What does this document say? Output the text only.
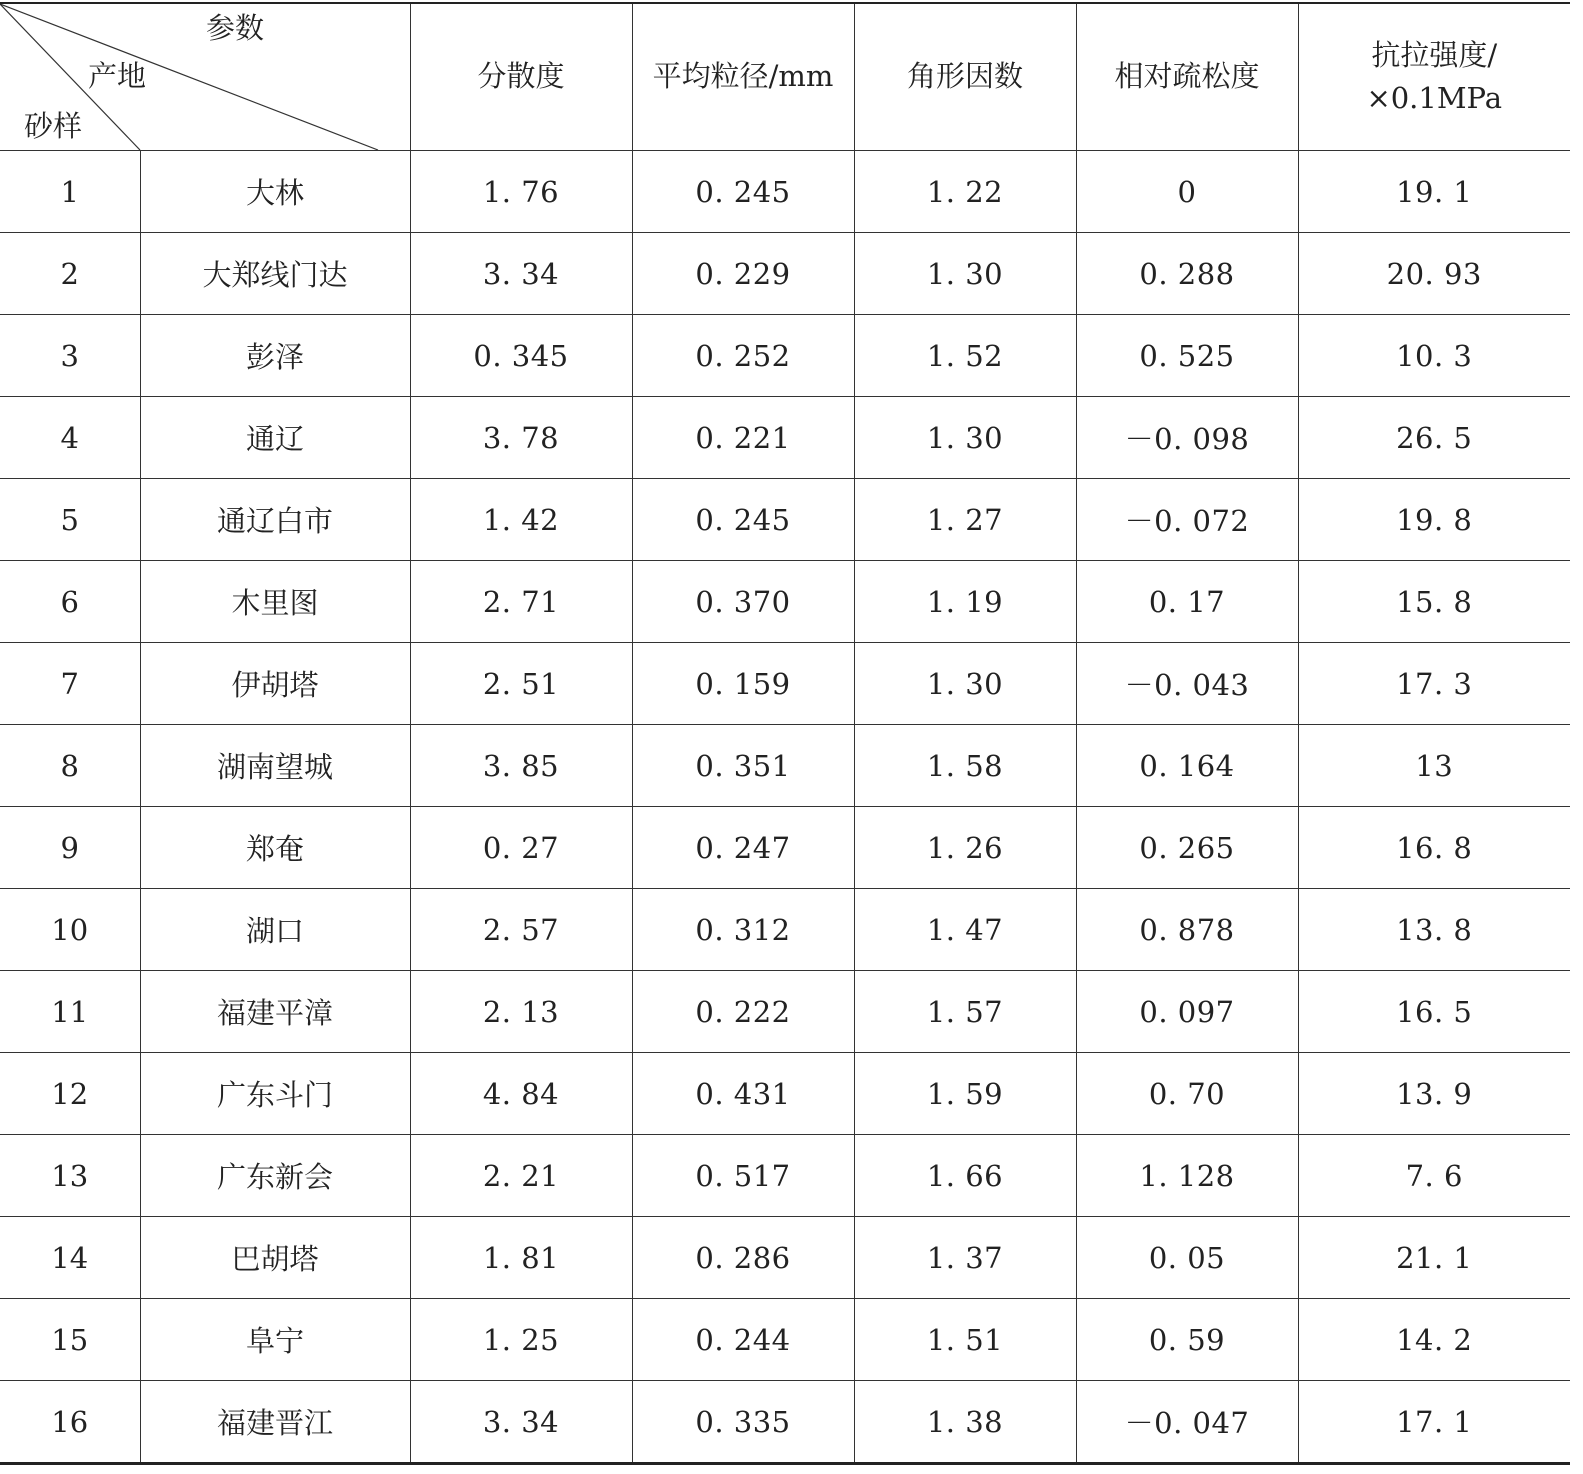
参数
产地
砂样		分散度	平均粒径/mm	角形因数	相对疏松度	抗拉强度/
×0.1MPa
1	大林	1. 76	0. 245	1. 22	0	19. 1
2	大郑线门达	3. 34	0. 229	1. 30	0. 288	20. 93
3	彭泽	0. 345	0. 252	1. 52	0. 525	10. 3
4	通辽	3. 78	0. 221	1. 30	－0. 098	26. 5
5	通辽白市	1. 42	0. 245	1. 27	－0. 072	19. 8
6	木里图	2. 71	0. 370	1. 19	0. 17	15. 8
7	伊胡塔	2. 51	0. 159	1. 30	－0. 043	17. 3
8	湖南望城	3. 85	0. 351	1. 58	0. 164	13
9	郑奄	0. 27	0. 247	1. 26	0. 265	16. 8
10	湖口	2. 57	0. 312	1. 47	0. 878	13. 8
11	福建平漳	2. 13	0. 222	1. 57	0. 097	16. 5
12	广东斗门	4. 84	0. 431	1. 59	0. 70	13. 9
13	广东新会	2. 21	0. 517	1. 66	1. 128	7. 6
14	巴胡塔	1. 81	0. 286	1. 37	0. 05	21. 1
15	阜宁	1. 25	0. 244	1. 51	0. 59	14. 2
16	福建晋江	3. 34	0. 335	1. 38	－0. 047	17. 1
